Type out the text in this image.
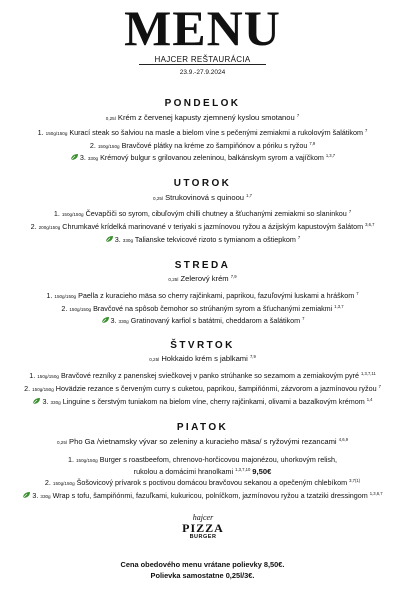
MENU
HAJCER REŠTAURÁCIA
23.9.-27.9.2024
PONDELOK
0,25l Krém z červenej kapusty zjemnený kyslou smotanou $^7$
1. 150g/150g Kurací steak so šalviou na masle a bielom víne s pečenými zemiakmi a rukolovým šalátikom $^7$
2. 150g/150g Bravčové plátky na kréme zo šampiňónov a póriku s ryžou $^{7,9}$
3. 330g Krémový bulgur s grilovanou zeleninou, balkánskym syrom a vajíčkom $^{1,3,7}$
UTOROK
0,25l Strukovinová s quinoou $^{1,7}$
1. 150g/150g Čevapčiči so syrom, cibuľovým chilli chutney a šťuchanými zemiakmi so slaninkou $^7$
2. 200g/150g Chrumkavé krídelká marinované v teriyaki s jazmínovou ryžou a ázijským kapustovým šalátom $^{3,6,7}$
3. 330g Talianske tekvicové rizoto s tymianom a oštiepkom $^7$
STREDA
0,25l Zelerový krém $^{7,9}$
1. 150g/150g Paella z kuracieho mäsa so cherry rajčinkami, paprikou, fazuľovými luskami a hráškom $^7$
2. 150g/150g Bravčové na spôsob čemohor so strúhaným syrom a šťuchanými zemiakmi $^{1,3,7}$
3. 330g Gratinovaný karfiol s batátmi, cheddarom a šalátikom $^7$
ŠTVRTOK
0,25l Hokkaido krém s jablkami $^{7,9}$
1. 150g/150g Bravčové rezníky z panenskej sviečkovej v panko strúhanke so sezamom a zemiakovým pyré $^{1,3,7,11}$
2. 150g/150g Hovädzie rezance s červeným curry s cuketou, paprikou, šampiňónmi, zázvorom a jazmínovou ryžou $^7$
3. 330g Linguine s čerstvým tuniakom na bielom víne, cherry rajčinkami, olivami a bazalkovým krémom $^{1,4}$
PIATOK
0,25l Pho Ga /vietnamsky vývar so zeleniny a kuracieho mäsa/ s ryžovými rezancami $^{4,6,9}$
1. 150g/150g Burger s roastbeefom, chrenovo-horčicovou majonézou, uhorkovým relish,
rukolou a domácimi hranolkami $^{1,3,7,10}$ 9,50€
2. 150g/150g Šošovicový prívarok s poctivou domácou bravčovou sekanou a opečeným chlebíkom $^{3,7(1)}$
3. 330g Wrap s tofu, šampiňónmi, fazuľkami, kukuricou, polníčkom, jazmínovou ryžou a tzatziki dressingom $^{1,3,6,7}$
hajcer
PIZZA
BURGER
Cena obedového menu vrátane polievky 8,50€.
Polievka samostatne 0,25l/3€.
